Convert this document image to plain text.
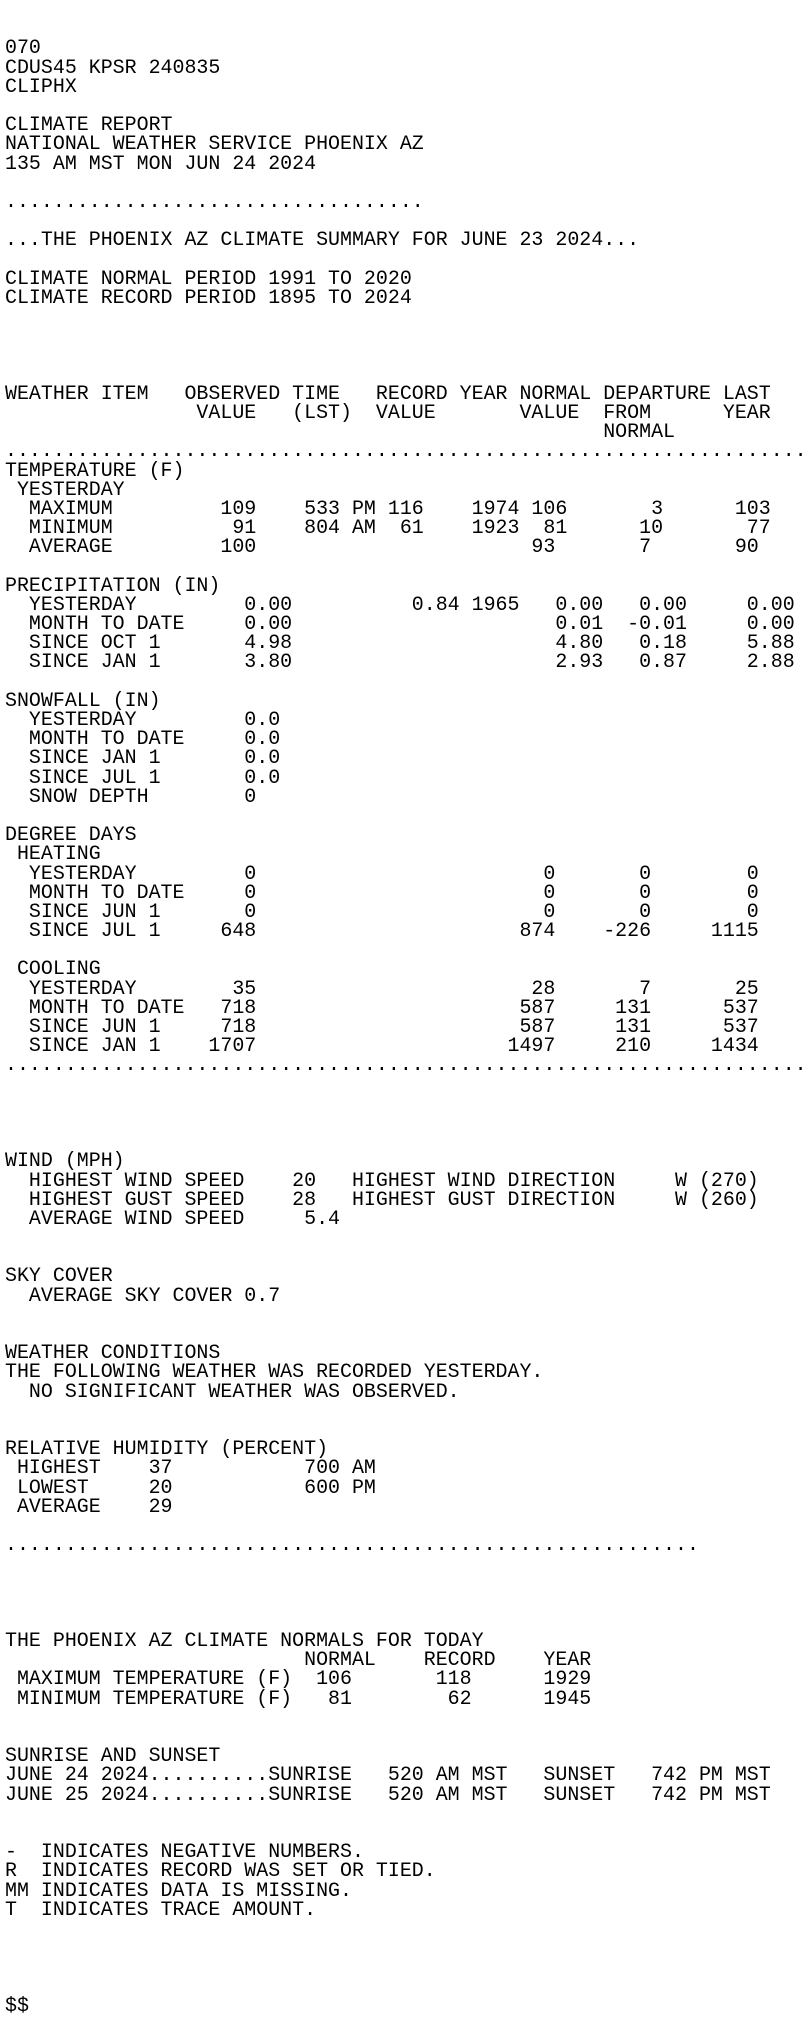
070
CDUS45 KPSR 240835
CLIPHX
CLIMATE REPORT
NATIONAL WEATHER SERVICE PHOENIX AZ
135 AM MST MON JUN 24 2024
...................................
...THE PHOENIX AZ CLIMATE SUMMARY FOR JUNE 23 2024...
CLIMATE NORMAL PERIOD 1991 TO 2020
CLIMATE RECORD PERIOD 1895 TO 2024

WEATHER ITEM   OBSERVED TIME   RECORD YEAR NORMAL DEPARTURE LAST
VALUE   (LST)  VALUE       VALUE  FROM      YEAR
NORMAL
...................................................................
TEMPERATURE (F)
YESTERDAY
MAXIMUM         109    533 PM 116    1974 106       3      103
MINIMUM          91    804 AM  61    1923  81      10       77
AVERAGE         100                       93       7       90
PRECIPITATION (IN)
YESTERDAY         0.00          0.84 1965   0.00   0.00     0.00
MONTH TO DATE     0.00                      0.01  -0.01     0.00
SINCE OCT 1       4.98                      4.80   0.18     5.88
SINCE JAN 1       3.80                      2.93   0.87     2.88
SNOWFALL (IN)
YESTERDAY         0.0
MONTH TO DATE     0.0
SINCE JAN 1       0.0
SINCE JUL 1       0.0
SNOW DEPTH        0
DEGREE DAYS
HEATING
YESTERDAY         0                        0       0        0
MONTH TO DATE     0                        0       0        0
SINCE JUN 1       0                        0       0        0
SINCE JUL 1     648                      874    -226     1115
COOLING
YESTERDAY        35                       28       7       25
MONTH TO DATE   718                      587     131      537
SINCE JUN 1     718                      587     131      537
SINCE JAN 1    1707                     1497     210     1434
...................................................................

WIND (MPH)
HIGHEST WIND SPEED    20   HIGHEST WIND DIRECTION     W (270)
HIGHEST GUST SPEED    28   HIGHEST GUST DIRECTION     W (260)
AVERAGE WIND SPEED     5.4
SKY COVER
AVERAGE SKY COVER 0.7
WEATHER CONDITIONS
THE FOLLOWING WEATHER WAS RECORDED YESTERDAY.
NO SIGNIFICANT WEATHER WAS OBSERVED.
RELATIVE HUMIDITY (PERCENT)
HIGHEST    37           700 AM
LOWEST     20           600 PM
AVERAGE    29
..........................................................

THE PHOENIX AZ CLIMATE NORMALS FOR TODAY
NORMAL    RECORD    YEAR
MAXIMUM TEMPERATURE (F)  106       118      1929
MINIMUM TEMPERATURE (F)   81        62      1945
SUNRISE AND SUNSET
JUNE 24 2024..........SUNRISE   520 AM MST   SUNSET   742 PM MST
JUNE 25 2024..........SUNRISE   520 AM MST   SUNSET   742 PM MST
-  INDICATES NEGATIVE NUMBERS.
R  INDICATES RECORD WAS SET OR TIED.
MM INDICATES DATA IS MISSING.
T  INDICATES TRACE AMOUNT.
$$
